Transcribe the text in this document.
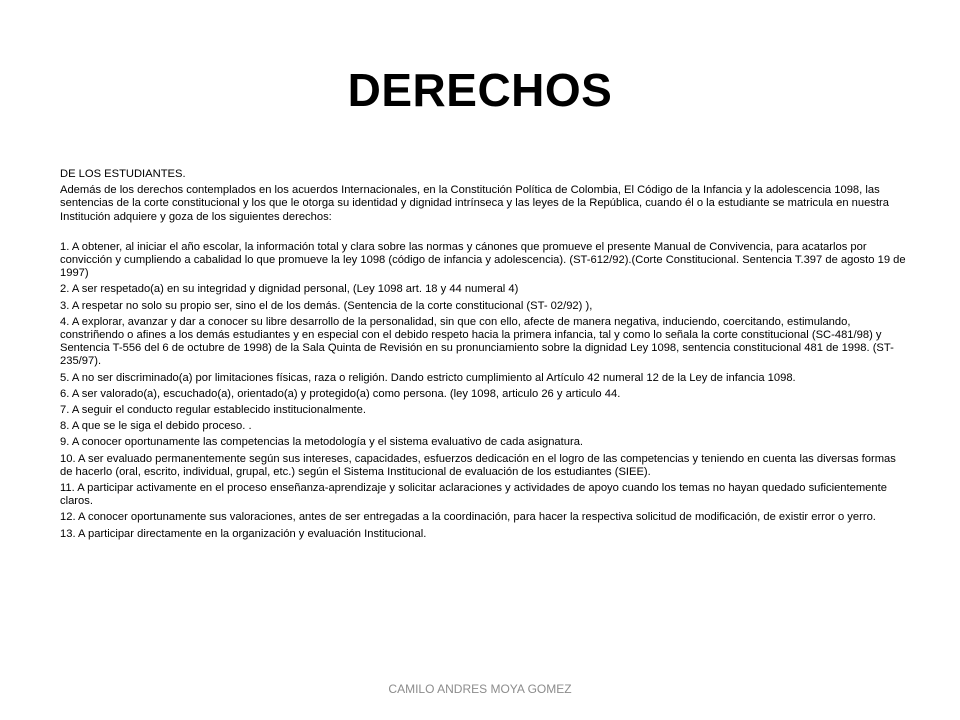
DERECHOS

DE LOS ESTUDIANTES.

Además de los derechos contemplados en los acuerdos Internacionales, en la Constitución Política de Colombia, El Código de la Infancia y la adolescencia 1098, las sentencias de la corte constitucional y los que le otorga su identidad y dignidad intrínseca y las leyes de la República, cuando él o la estudiante se matricula en nuestra Institución adquiere y goza de los siguientes derechos:

1. A obtener, al iniciar el año escolar, la información total y clara sobre las normas y cánones que promueve el presente Manual de Convivencia, para acatarlos por convicción y cumpliendo a cabalidad lo que promueve la ley 1098 (código de infancia y adolescencia). (ST-612/92).(Corte Constitucional. Sentencia T.397 de agosto 19 de 1997)

2. A ser respetado(a) en su integridad y dignidad personal, (Ley 1098 art. 18 y 44 numeral 4)

3. A respetar no solo su propio ser, sino el de los demás. (Sentencia de la corte constitucional (ST- 02/92) ),

4. A explorar, avanzar y dar a conocer su libre desarrollo de la personalidad, sin que con ello, afecte de manera negativa, induciendo, coercitando, estimulando, constriñendo o afines a los demás estudiantes y en especial con el debido respeto hacia la primera infancia, tal y como lo señala la corte constitucional (SC-481/98) y Sentencia T-556 del 6 de octubre de 1998) de la Sala Quinta de Revisión en su pronunciamiento sobre la dignidad Ley 1098, sentencia constitucional 481 de 1998. (ST- 235/97).

5. A no ser discriminado(a) por limitaciones físicas, raza o religión. Dando estricto cumplimiento al Artículo 42 numeral 12 de la Ley de infancia 1098.

6. A ser valorado(a), escuchado(a), orientado(a) y protegido(a) como persona. (ley 1098, articulo 26 y articulo 44.

7. A seguir el conducto regular establecido institucionalmente.

8. A que se le siga el debido proceso. .

9. A conocer oportunamente las competencias la metodología y el sistema evaluativo de cada asignatura.

10. A ser evaluado permanentemente según sus intereses, capacidades, esfuerzos dedicación en el logro de las competencias y teniendo en cuenta las diversas formas de hacerlo (oral, escrito, individual, grupal, etc.) según el Sistema Institucional de evaluación de los estudiantes (SIEE).

11. A participar activamente en el proceso enseñanza-aprendizaje y solicitar aclaraciones y actividades de apoyo cuando los temas no hayan quedado suficientemente claros.

12. A conocer oportunamente sus valoraciones, antes de ser entregadas a la coordinación, para hacer la respectiva solicitud de modificación, de existir error o yerro.

13. A participar directamente en la organización y evaluación Institucional.

CAMILO ANDRES MOYA GOMEZ
